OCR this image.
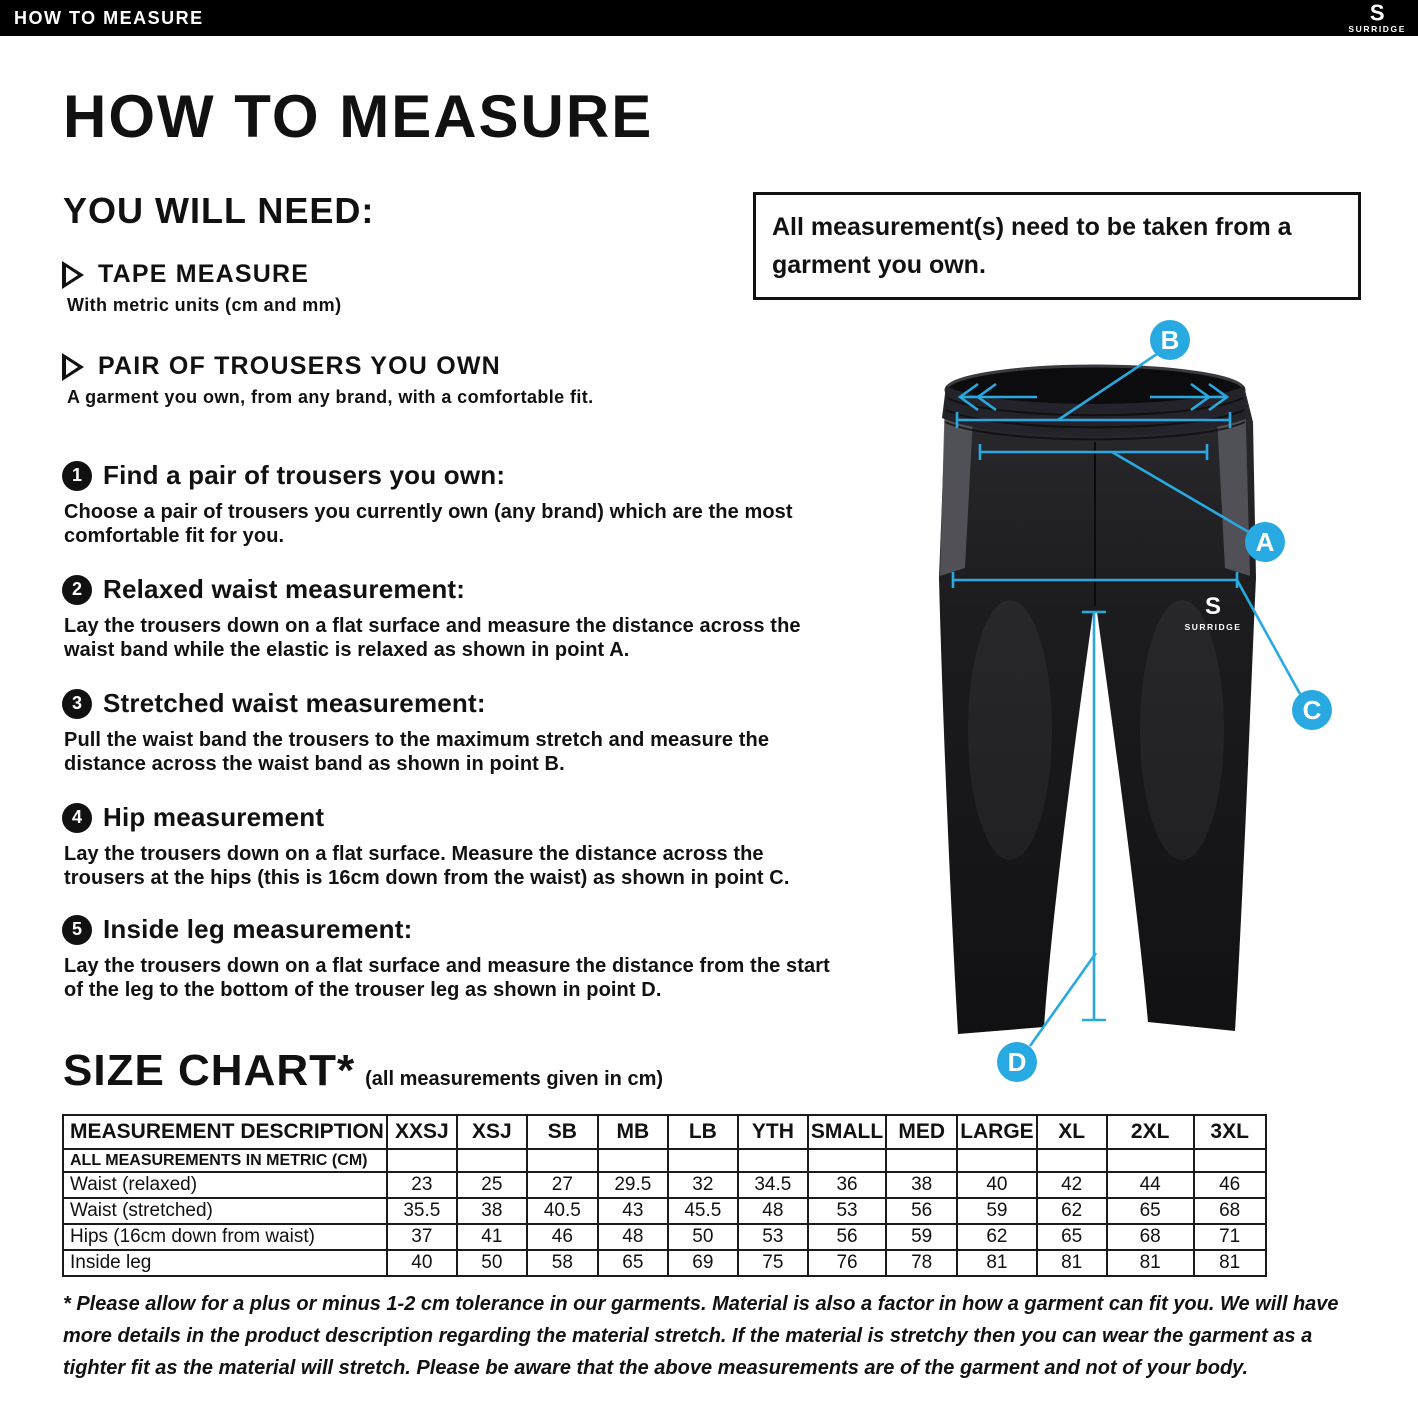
HOW TO MEASURE	S
SURRIDGE
HOW TO MEASURE
YOU WILL NEED:
TAPE MEASURE
With metric units (cm and mm)
PAIR OF TROUSERS YOU OWN
A garment you own, from any brand, with a comfortable fit.
All measurement(s) need to be taken from a garment you own.
1 Find a pair of trousers you own:
Choose a pair of trousers you currently own (any brand) which are the most comfortable fit for you.
2 Relaxed waist measurement:
Lay the trousers down on a flat surface and measure the distance across the waist band while the elastic is relaxed as shown in point A.
3 Stretched waist measurement:
Pull the waist band the trousers to the maximum stretch and measure the distance across the waist band as shown in point B.
4 Hip measurement
Lay the trousers down on a flat surface. Measure the distance across the trousers at the hips (this is 16cm down from the waist) as shown in point C.
5 Inside leg measurement:
Lay the trousers down on a flat surface and measure the distance from the start of the leg to the bottom of the trouser leg as shown in point D.
S
SURRIDGE
B
A
C
D
SIZE CHART* (all measurements given in cm)
MEASUREMENT DESCRIPTION	XXSJ	XSJ	SB	MB	LB	YTH	SMALL	MED	LARGE	XL	2XL	3XL
ALL MEASUREMENTS IN METRIC (CM)												
Waist (relaxed)	23	25	27	29.5	32	34.5	36	38	40	42	44	46
Waist (stretched)	35.5	38	40.5	43	45.5	48	53	56	59	62	65	68
Hips (16cm down from waist)	37	41	46	48	50	53	56	59	62	65	68	71
Inside leg	40	50	58	65	69	75	76	78	81	81	81	81
* Please allow for a plus or minus 1-2 cm tolerance in our garments. Material is also a factor in how a garment can fit you. We will have more details in the product description regarding the material stretch. If the material is stretchy then you can wear the garment as a tighter fit as the material will stretch. Please be aware that the above measurements are of the garment and not of your body.
